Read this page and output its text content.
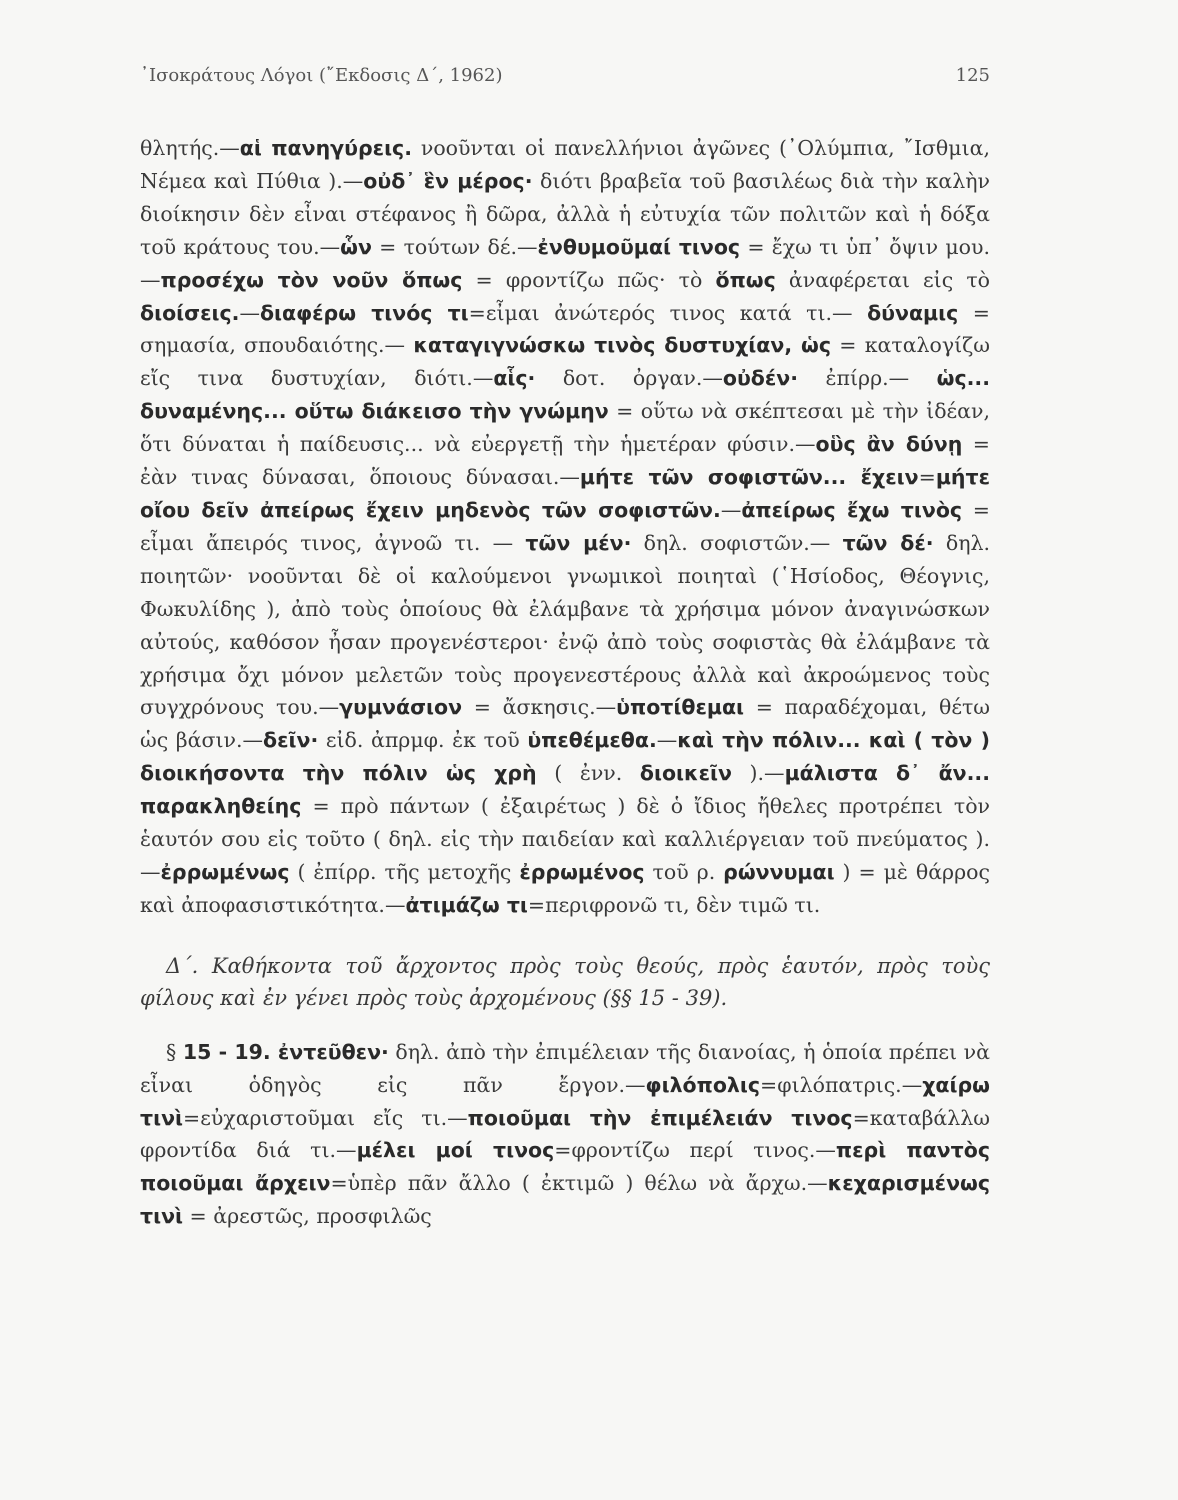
᾿Ισοκράτους Λόγοι (῎Εκδοσις Δ΄, 1962)	125
θλητής.—αἱ πανηγύρεις. νοοῦνται οἱ πανελλήνιοι ἀγῶνες (᾿Ολύμπια, ῎Ισθμια, Νέμεα καὶ Πύθια ).—οὐδ᾿ ἓν μέρος· διότι βραβεῖα τοῦ βασιλέως διὰ τὴν καλὴν διοίκησιν δὲν εἶναι στέφανος ἢ δῶρα, ἀλλὰ ἡ εὐτυχία τῶν πολιτῶν καὶ ἡ δόξα τοῦ κράτους του.—ὧν = τούτων δέ.—ἐνθυμοῦμαί τινος = ἔχω τι ὑπ᾿ ὄψιν μου.—προσέχω τὸν νοῦν ὅπως = φροντίζω πῶς· τὸ ὅπως ἀναφέρεται εἰς τὸ διοίσεις.—διαφέρω τινός τι=εἶμαι ἀνώτερός τινος κατά τι.— δύναμις = σημασία, σπουδαιότης.— καταγιγνώσκω τινὸς δυστυχίαν, ὡς = καταλογίζω εἴς τινα δυστυχίαν, διότι.—αἷς· δοτ. ὀργαν.—οὐδέν· ἐπίρρ.— ὡς... δυναμένης... οὕτω διάκεισο τὴν γνώμην = οὕτω νὰ σκέπτεσαι μὲ τὴν ἰδέαν, ὅτι δύναται ἡ παίδευσις... νὰ εὐεργετῇ τὴν ἡμετέραν φύσιν.—οὓς ἂν δύνῃ = ἐὰν τινας δύνασαι, ὅποιους δύνασαι.—μήτε τῶν σοφιστῶν... ἔχειν=μήτε οἴου δεῖν ἀπείρως ἔχειν μηδενὸς τῶν σοφιστῶν.—ἀπείρως ἔχω τινὸς = εἶμαι ἄπειρός τινος, ἀγνοῶ τι. — τῶν μέν· δηλ. σοφιστῶν.— τῶν δέ· δηλ. ποιητῶν· νοοῦνται δὲ οἱ καλούμενοι γνωμικοὶ ποιηταὶ (῾Ησίοδος, Θέογνις, Φωκυλίδης ), ἀπὸ τοὺς ὁποίους θὰ ἐλάμβανε τὰ χρήσιμα μόνον ἀναγινώσκων αὐτούς, καθόσον ἦσαν προγενέστεροι· ἐνῷ ἀπὸ τοὺς σοφιστὰς θὰ ἐλάμβανε τὰ χρήσιμα ὄχι μόνον μελετῶν τοὺς προγενεστέρους ἀλλὰ καὶ ἀκροώμενος τοὺς συγχρόνους του.—γυμνάσιον = ἄσκησις.—ὑποτίθεμαι = παραδέχομαι, θέτω ὡς βάσιν.—δεῖν· εἰδ. ἀπρμφ. ἐκ τοῦ ὑπεθέμεθα.—καὶ τὴν πόλιν... καὶ ( τὸν ) διοικήσοντα τὴν πόλιν ὡς χρὴ ( ἐνν. διοικεῖν ).—μάλιστα δ᾿ ἄν... παρακληθείης = πρὸ πάντων ( ἐξαιρέτως ) δὲ ὁ ἴδιος ἤθελες προτρέπει τὸν ἑαυτόν σου εἰς τοῦτο ( δηλ. εἰς τὴν παιδείαν καὶ καλλιέργειαν τοῦ πνεύματος ).—ἐρρωμένως ( ἐπίρρ. τῆς μετοχῆς ἐρρωμένος τοῦ ρ. ρώννυμαι ) = μὲ θάρρος καὶ ἀποφασιστικότητα.—ἀτιμάζω τι=περιφρονῶ τι, δὲν τιμῶ τι.
Δ΄. Καθήκοντα τοῦ ἄρχοντος πρὸς τοὺς θεούς, πρὸς ἑαυτόν, πρὸς τοὺς φίλους καὶ ἐν γένει πρὸς τοὺς ἀρχομένους (§§ 15 - 39).
§ 15 - 19. ἐντεῦθεν· δηλ. ἀπὸ τὴν ἐπιμέλειαν τῆς διανοίας, ἡ ὁποία πρέπει νὰ εἶναι ὁδηγὸς εἰς πᾶν ἔργον.—φιλόπολις=φιλόπατρις.—χαίρω τινὶ=εὐχαριστοῦμαι εἴς τι.—ποιοῦμαι τὴν ἐπιμέλειάν τινος=καταβάλλω φροντίδα διά τι.—μέλει μοί τινος=φροντίζω περί τινος.—περὶ παντὸς ποιοῦμαι ἄρχειν=ὑπὲρ πᾶν ἄλλο ( ἐκτιμῶ ) θέλω νὰ ἄρχω.—κεχαρισμένως τινὶ = ἀρεστῶς, προσφιλῶς
